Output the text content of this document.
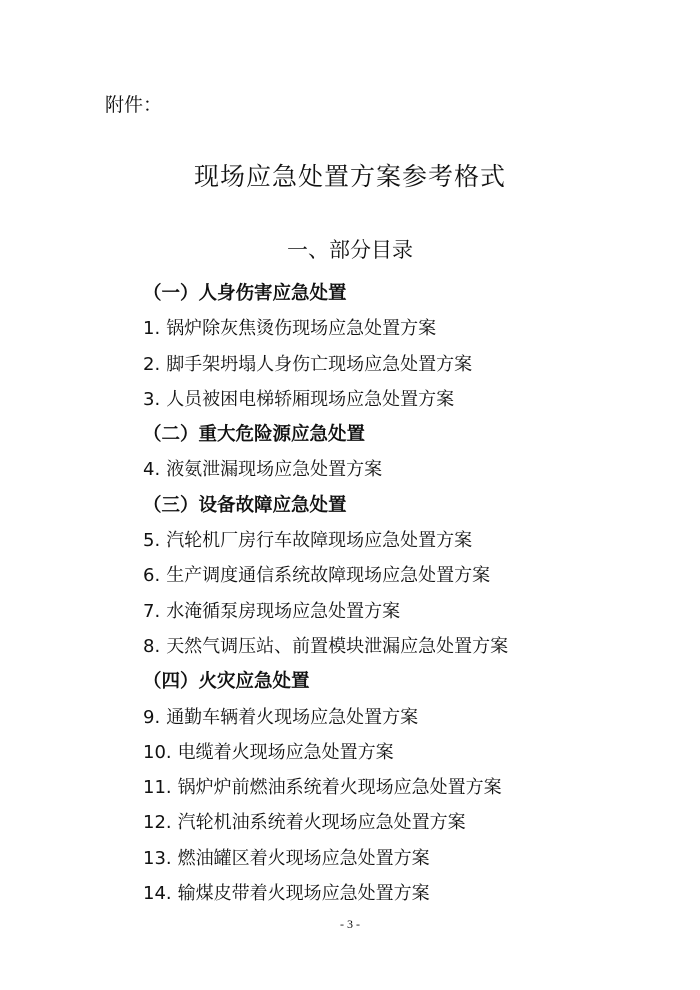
附件：
现场应急处置方案参考格式
一、部分目录
（一）人身伤害应急处置
1. 锅炉除灰焦烫伤现场应急处置方案
2. 脚手架坍塌人身伤亡现场应急处置方案
3. 人员被困电梯轿厢现场应急处置方案
（二）重大危险源应急处置
4. 液氨泄漏现场应急处置方案
（三）设备故障应急处置
5. 汽轮机厂房行车故障现场应急处置方案
6. 生产调度通信系统故障现场应急处置方案
7. 水淹循泵房现场应急处置方案
8. 天然气调压站、前置模块泄漏应急处置方案
（四）火灾应急处置
9. 通勤车辆着火现场应急处置方案
10. 电缆着火现场应急处置方案
11. 锅炉炉前燃油系统着火现场应急处置方案
12. 汽轮机油系统着火现场应急处置方案
13. 燃油罐区着火现场应急处置方案
14. 输煤皮带着火现场应急处置方案
- 3 -
